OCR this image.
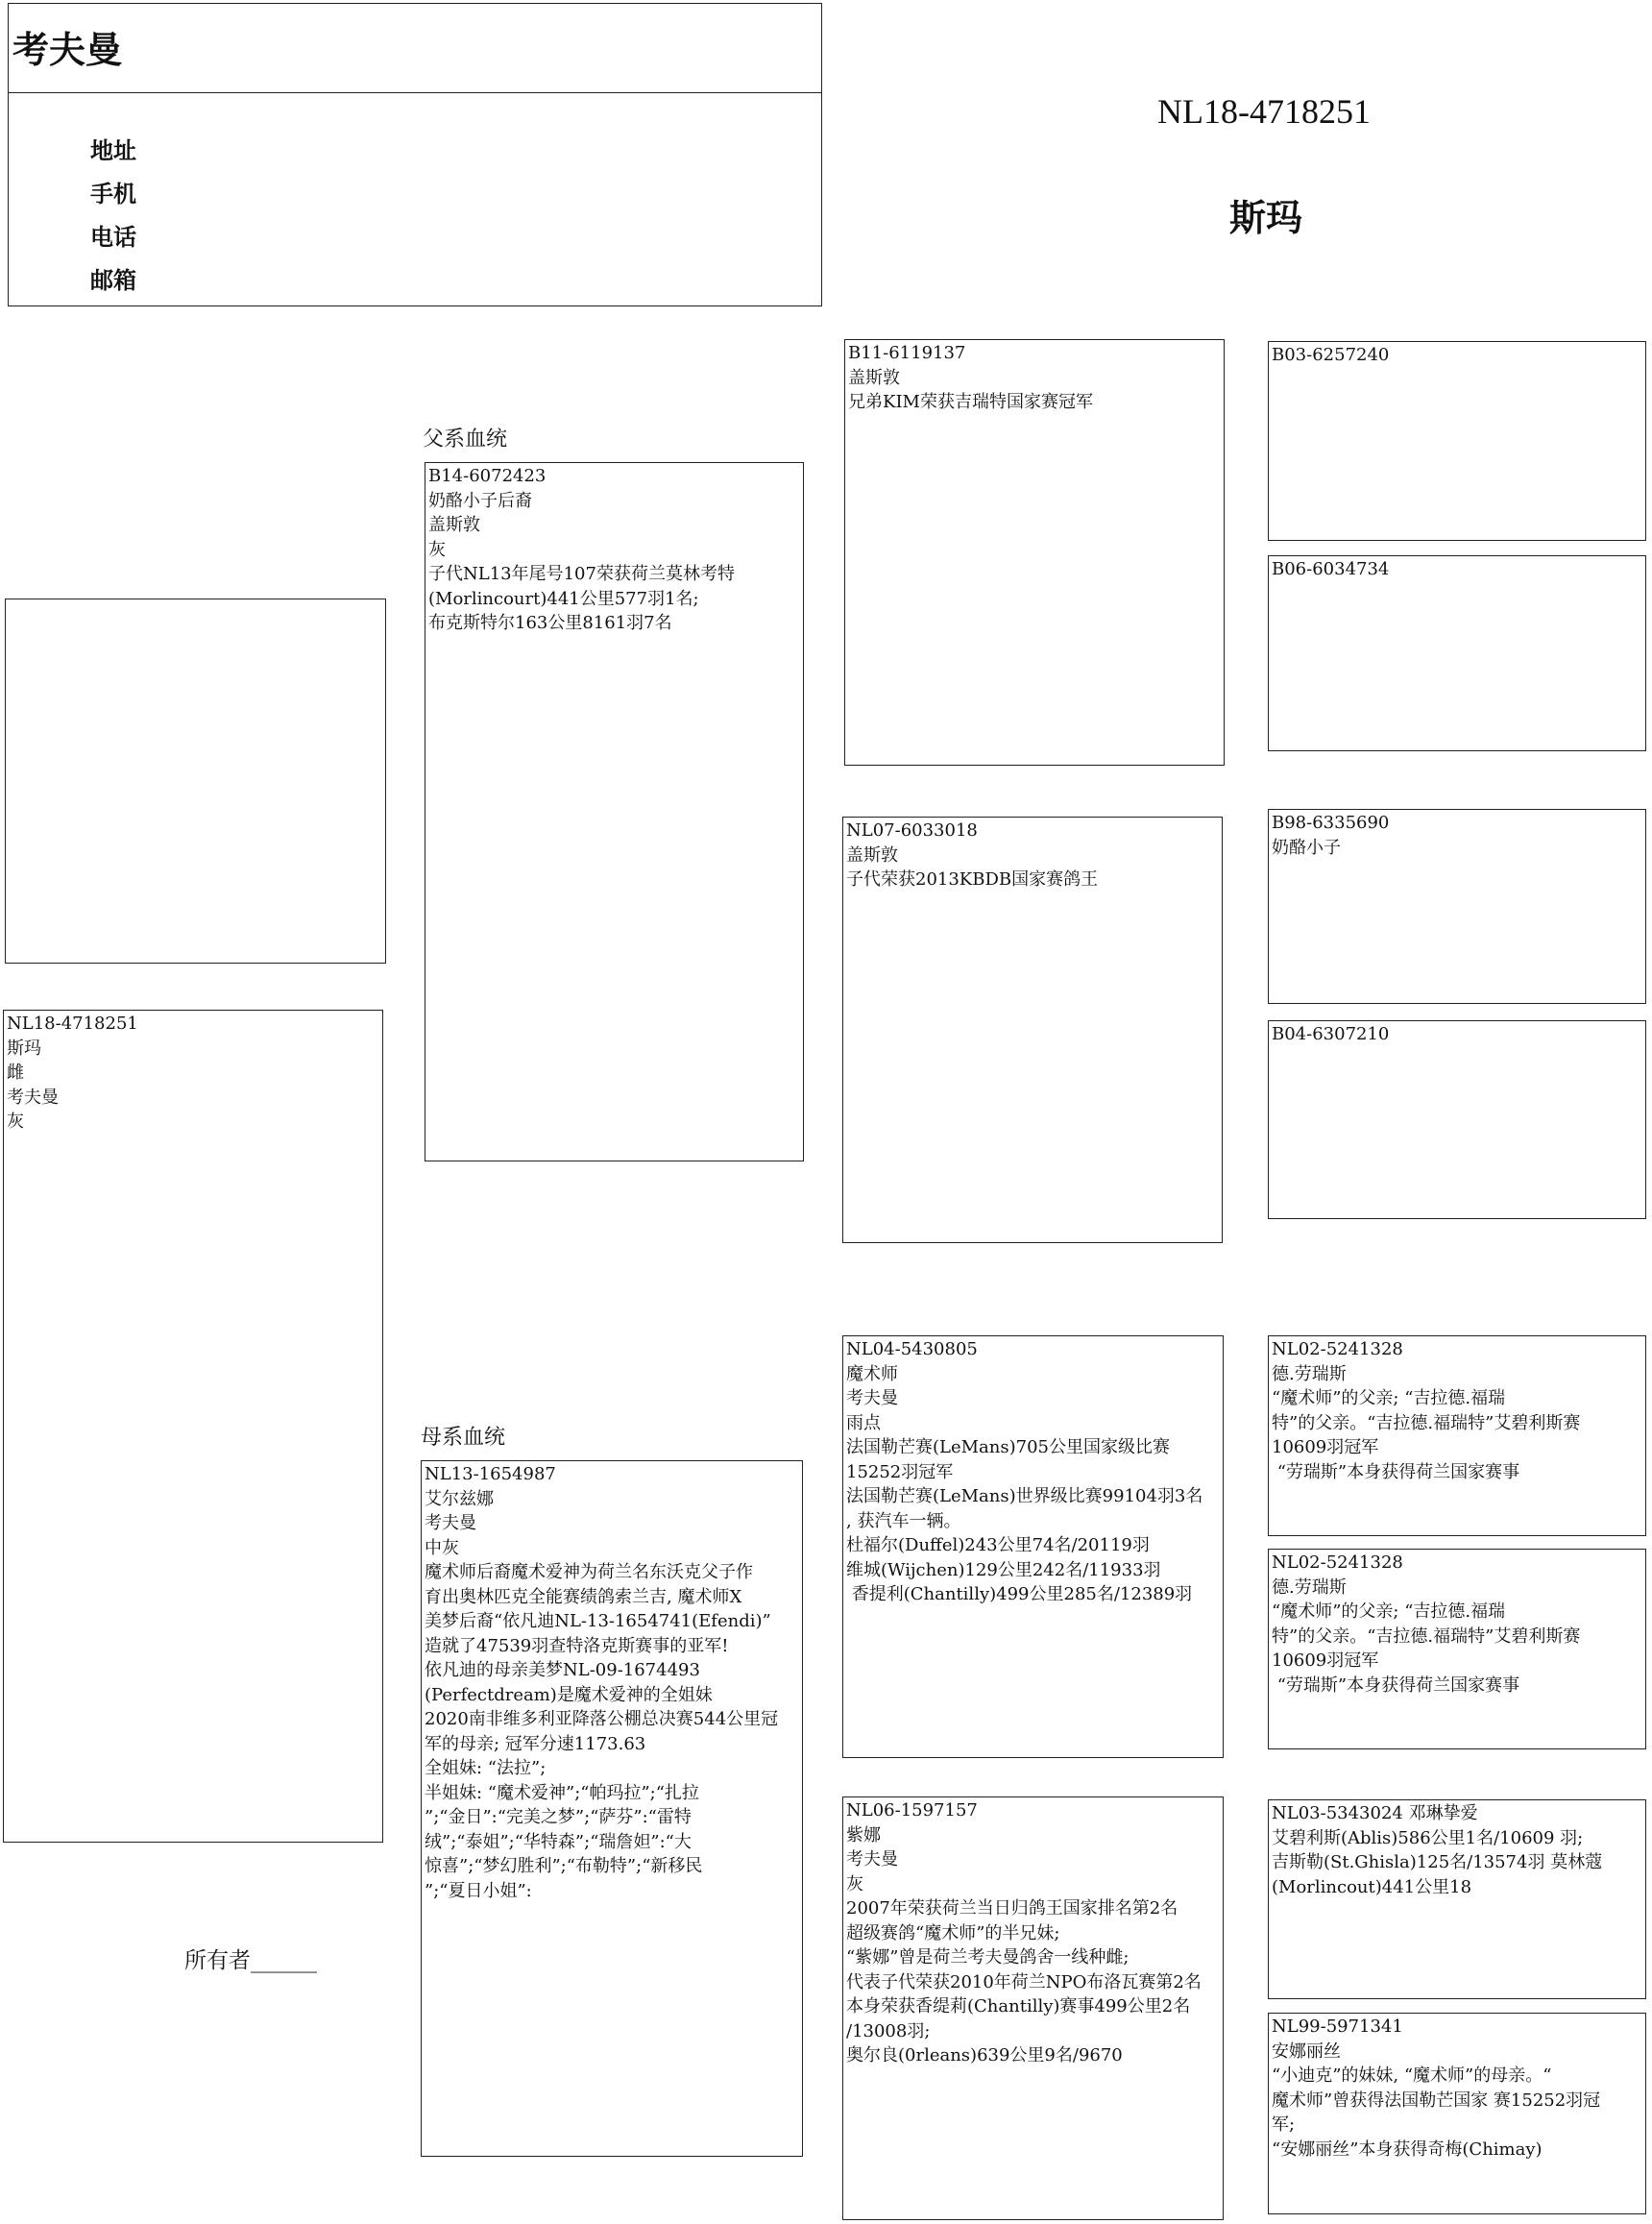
考夫曼
地址
手机
电话
邮箱
NL18-4718251
斯玛
NL18-4718251
斯玛
雌
考夫曼
灰
父系血统
母系血统
B14-6072423
奶酪小子后裔
盖斯敦
灰
子代NL13年尾号107荣获荷兰莫林考特
(Morlincourt)441公里577羽1名;
布克斯特尔163公里8161羽7名
NL13-1654987
艾尔兹娜
考夫曼
中灰
魔术师后裔魔术爱神为荷兰名东沃克父子作
育出奥林匹克全能赛绩鸽索兰吉, 魔术师X
美梦后裔“依凡迪NL-13-1654741(Efendi)”
造就了47539羽查特洛克斯赛事的亚军!
依凡迪的母亲美梦NL-09-1674493
(Perfectdream)是魔术爱神的全姐妹
2020南非维多利亚降落公棚总决赛544公里冠
军的母亲; 冠军分速1173.63
全姐妹: “法拉”;
半姐妹: “魔术爱神”;“帕玛拉”;“扎拉
”;“金日”:“完美之梦”;“萨芬”:“雷特
绒”;“泰姐”;“华特森”;“瑞詹妲”:“大
惊喜”;“梦幻胜利”;“布勒特”;“新移民
”;“夏日小姐”:
B11-6119137
盖斯敦
兄弟KIM荣获吉瑞特国家赛冠军
NL07-6033018
盖斯敦
子代荣获2013KBDB国家赛鸽王
NL04-5430805
魔术师
考夫曼
雨点
法国勒芒赛(LeMans)705公里国家级比赛
15252羽冠军
法国勒芒赛(LeMans)世界级比赛99104羽3名
, 获汽车一辆。
杜福尔(Duffel)243公里74名/20119羽
维城(Wijchen)129公里242名/11933羽
香提利(Chantilly)499公里285名/12389羽
NL06-1597157
紫娜
考夫曼
灰
2007年荣获荷兰当日归鸽王国家排名第2名
超级赛鸽“魔术师”的半兄妹;
“紫娜”曾是荷兰考夫曼鸽舍一线种雌;
代表子代荣获2010年荷兰NPO布洛瓦赛第2名
本身荣获香缇莉(Chantilly)赛事499公里2名
/13008羽;
奥尔良(0rleans)639公里9名/9670
B03-6257240
B06-6034734
B98-6335690
奶酪小子
B04-6307210
NL02-5241328
德.劳瑞斯
“魔术师”的父亲; “吉拉德.福瑞
特”的父亲。“吉拉德.福瑞特”艾碧利斯赛
10609羽冠军
“劳瑞斯”本身获得荷兰国家赛事
NL02-5241328
德.劳瑞斯
“魔术师”的父亲; “吉拉德.福瑞
特”的父亲。“吉拉德.福瑞特”艾碧利斯赛
10609羽冠军
“劳瑞斯”本身获得荷兰国家赛事
NL03-5343024 邓琳挚爱
艾碧利斯(Ablis)586公里1名/10609 羽;
吉斯勒(St.Ghisla)125名/13574羽 莫林蔻
(Morlincout)441公里18
NL99-5971341
安娜丽丝
“小迪克”的妹妹, “魔术师”的母亲。“
魔术师”曾获得法国勒芒国家 赛15252羽冠
军;
“安娜丽丝”本身获得奇梅(Chimay)
所有者______
